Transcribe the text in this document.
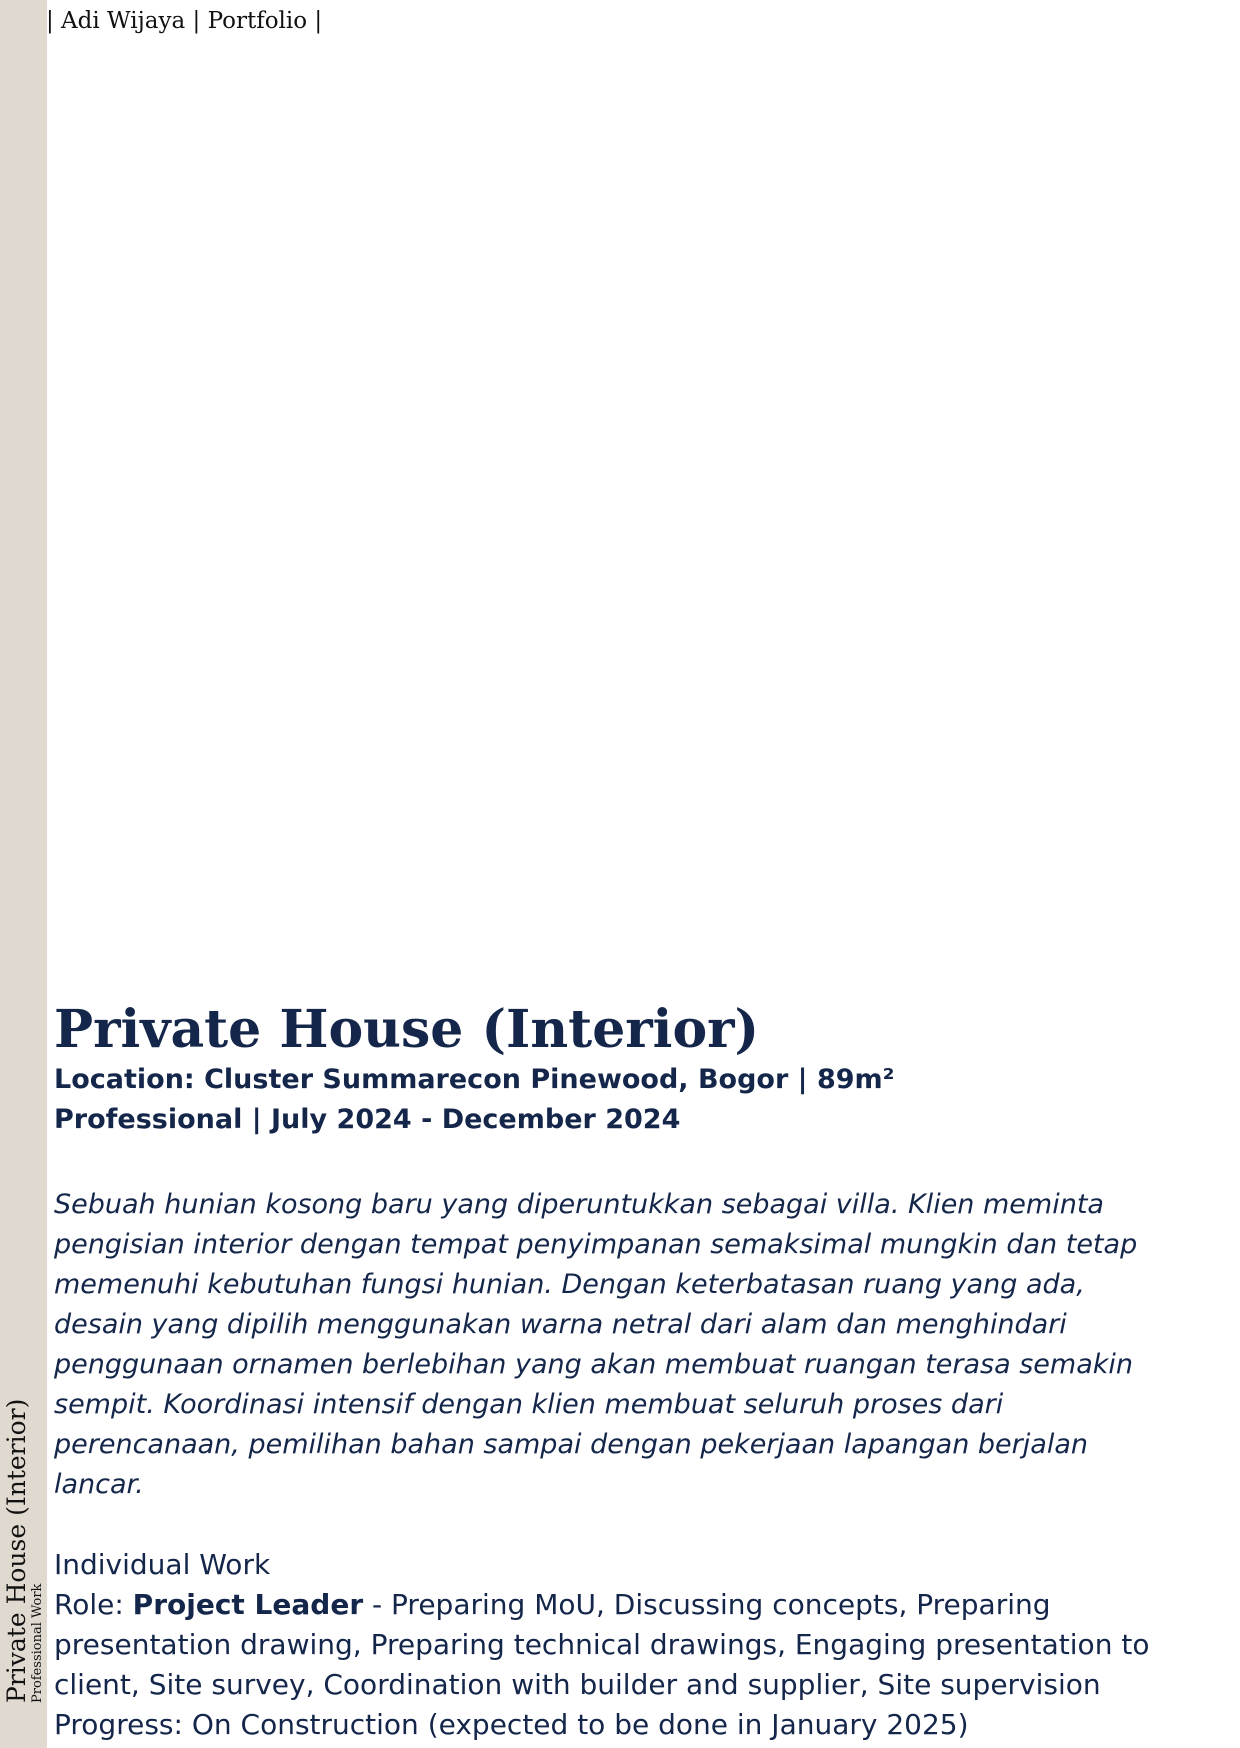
Private House (Interior) Professional Work
| Adi Wijaya | Portfolio |
Private House (Interior)
Location: Cluster Summarecon Pinewood, Bogor | 89m²
Professional | July 2024 - December 2024

Sebuah hunian kosong baru yang diperuntukkan sebagai villa. Klien meminta pengisian interior dengan tempat penyimpanan semaksimal mungkin dan tetap memenuhi kebutuhan fungsi hunian. Dengan keterbatasan ruang yang ada, desain yang dipilih menggunakan warna netral dari alam dan menghindari penggunaan ornamen berlebihan yang akan membuat ruangan terasa semakin sempit. Koordinasi intensif dengan klien membuat seluruh proses dari perencanaan, pemilihan bahan sampai dengan pekerjaan lapangan berjalan lancar.

Individual Work
Role: Project Leader - Preparing MoU, Discussing concepts, Preparing presentation drawing, Preparing technical drawings, Engaging presentation to client, Site survey, Coordination with builder and supplier, Site supervision
Progress: On Construction (expected to be done in January 2025)
